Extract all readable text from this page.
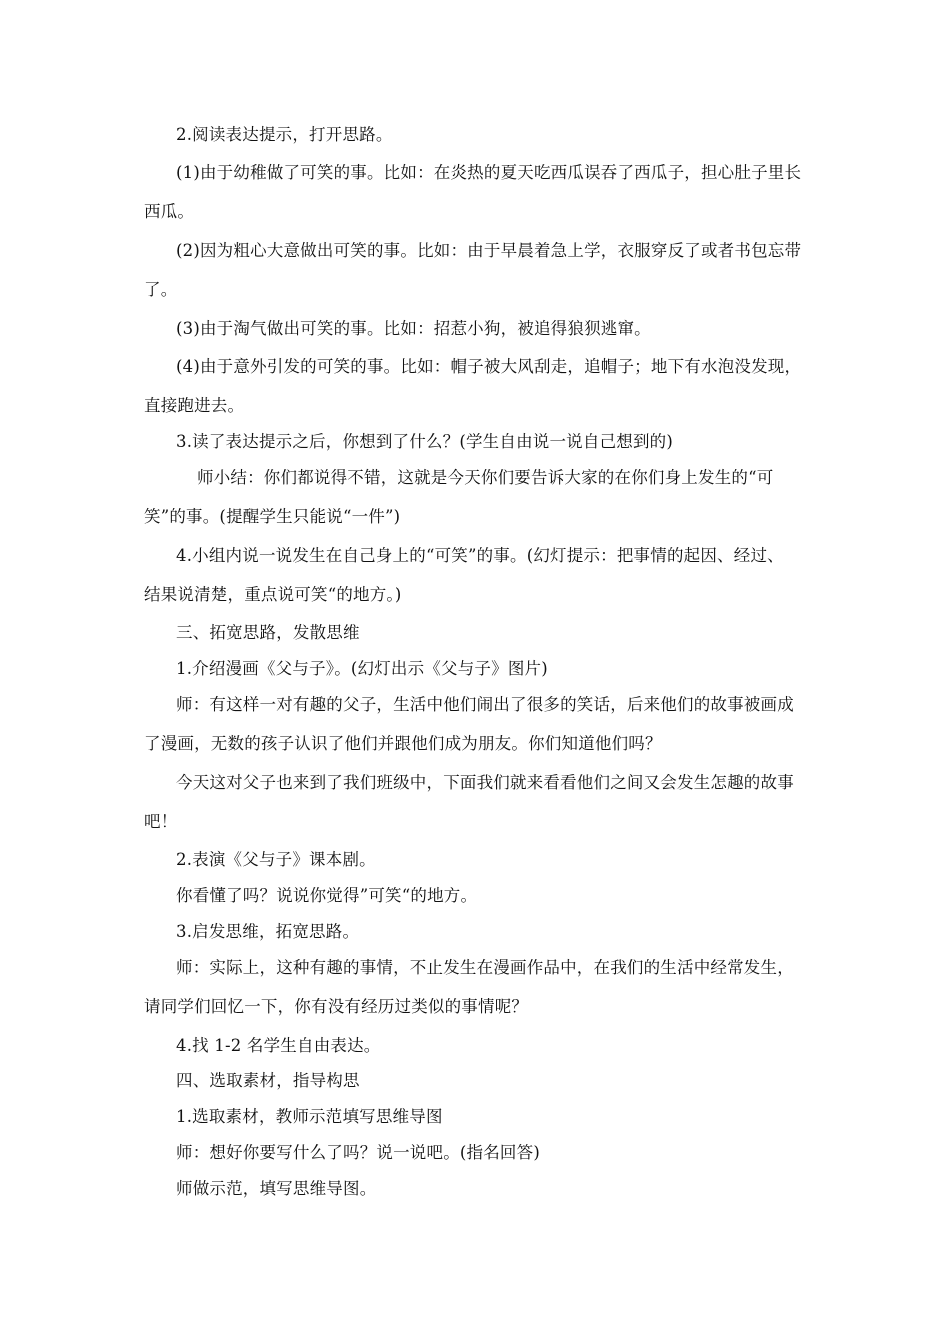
2.阅读表达提示，打开思路。

(1)由于幼稚做了可笑的事。比如：在炎热的夏天吃西瓜误吞了西瓜子，担心肚子里长

西瓜。

(2)因为粗心大意做出可笑的事。比如：由于早晨着急上学，衣服穿反了或者书包忘带

了。

(3)由于淘气做出可笑的事。比如：招惹小狗，被追得狼狈逃窜。

(4)由于意外引发的可笑的事。比如：帽子被大风刮走，追帽子；地下有水泡没发现，

直接跑进去。

3.读了表达提示之后，你想到了什么？(学生自由说一说自己想到的)

师小结：你们都说得不错，这就是今天你们要告诉大家的在你们身上发生的“可

笑”的事。(提醒学生只能说“一件”)

4.小组内说一说发生在自己身上的“可笑”的事。(幻灯提示：把事情的起因、经过、

结果说清楚，重点说可笑“的地方。)

三、拓宽思路，发散思维

1.介绍漫画《父与子》。(幻灯出示《父与子》图片)

师：有这样一对有趣的父子，生活中他们闹出了很多的笑话，后来他们的故事被画成

了漫画，无数的孩子认识了他们并跟他们成为朋友。你们知道他们吗？

今天这对父子也来到了我们班级中，下面我们就来看看他们之间又会发生怎趣的故事

吧！

2.表演《父与子》课本剧。

你看懂了吗？说说你觉得”可笑“的地方。

3.启发思维，拓宽思路。

师：实际上，这种有趣的事情，不止发生在漫画作品中，在我们的生活中经常发生，

请同学们回忆一下，你有没有经历过类似的事情呢？

4.找 1-2 名学生自由表达。

四、选取素材，指导构思

1.选取素材，教师示范填写思维导图

师：想好你要写什么了吗？说一说吧。(指名回答)

师做示范，填写思维导图。
